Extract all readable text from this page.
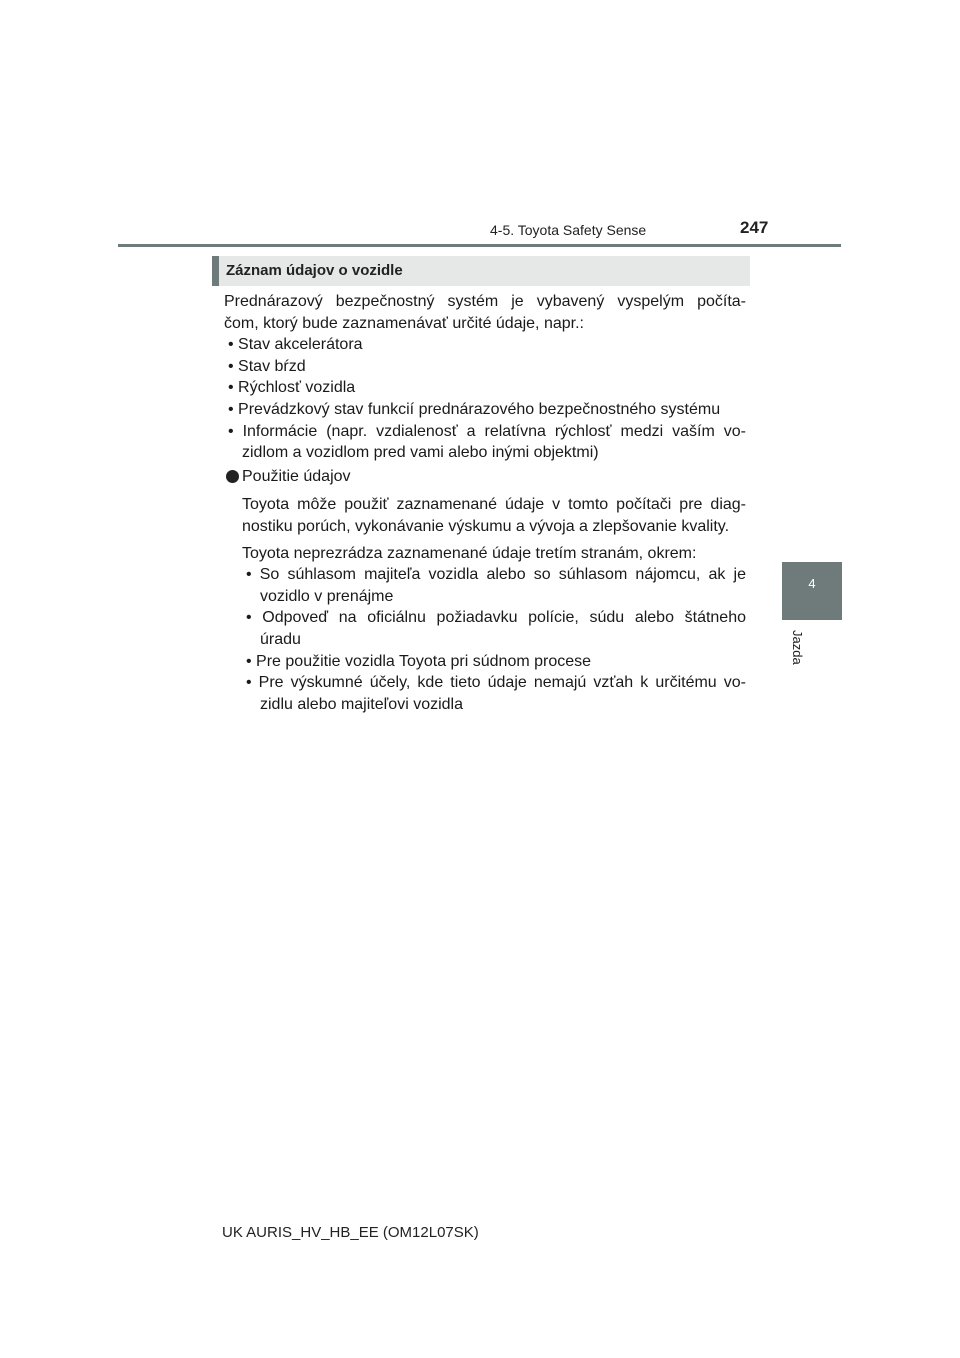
4-5. Toyota Safety Sense	247
4
Jazda
Záznam údajov o vozidle
Prednárazový bezpečnostný systém je vybavený vyspelým počíta-
čom, ktorý bude zaznamenávať určité údaje, napr.:
• Stav akcelerátora
• Stav bŕzd
• Rýchlosť vozidla
• Prevádzkový stav funkcií prednárazového bezpečnostného systému
• Informácie (napr. vzdialenosť a relatívna rýchlosť medzi vaším vo-
zidlom a vozidlom pred vami alebo inými objektmi)
Použitie údajov
Toyota môže použiť zaznamenané údaje v tomto počítači pre diag-
nostiku porúch, vykonávanie výskumu a vývoja a zlepšovanie kvality.
Toyota neprezrádza zaznamenané údaje tretím stranám, okrem:
• So súhlasom majiteľa vozidla alebo so súhlasom nájomcu, ak je
vozidlo v prenájme
• Odpoveď na oficiálnu požiadavku polície, súdu alebo štátneho
úradu
• Pre použitie vozidla Toyota pri súdnom procese
• Pre výskumné účely, kde tieto údaje nemajú vzťah k určitému vo-
zidlu alebo majiteľovi vozidla
UK AURIS_HV_HB_EE (OM12L07SK)
